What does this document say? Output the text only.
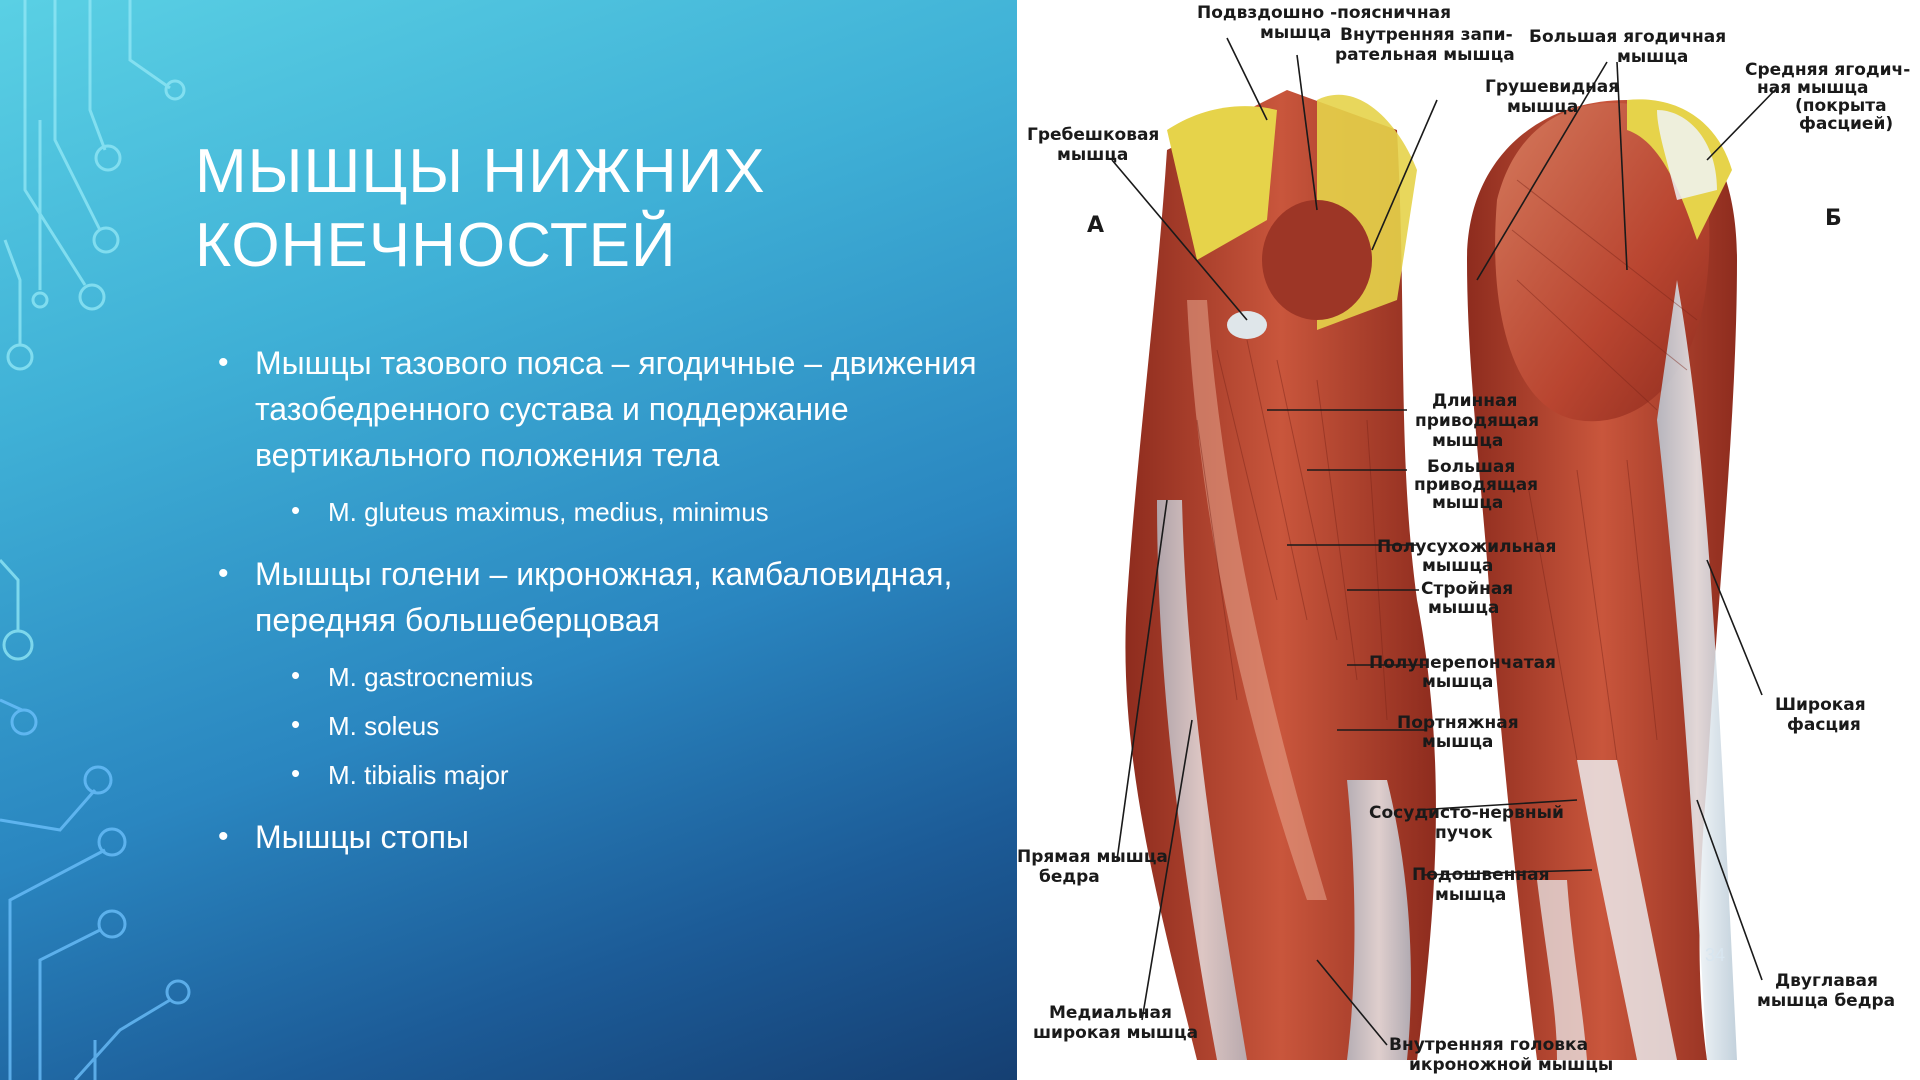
МЫШЦЫ НИЖНИХ
КОНЕЧНОСТЕЙ
• Мышцы тазового пояса – ягодичные – движения тазобедренного сустава и поддержание вертикального положения тела
• M. gluteus maximus, medius, minimus
• Мышцы голени – икроножная, камбаловидная, передняя большеберцовая
• M. gastrocnemius
• M. soleus
• M. tibialis major
• Мышцы стопы
Подвздошно -поясничная
мышца Внутренняя запи-
рательная мышца
Грушевидная
мышца
Гребешковая
мышца
А	Б
Большая ягодичная
мышца
Средняя ягодич-
ная мышца
(покрыта
фасцией)
Длинная
приводящая
мышца
Большая
приводящая
мышца
Полусухожильная
мышца
Стройная
мышца
Полуперепончатая
мышца
Портняжная
мышца
Сосудисто-нервный
пучок
Подошвенная
мышца
Прямая мышца
бедра
Медиальная
широкая мышца
Внутренняя головка
икроножной мышцы
Широкая
фасция
Двуглавая
мышца бедра
34
